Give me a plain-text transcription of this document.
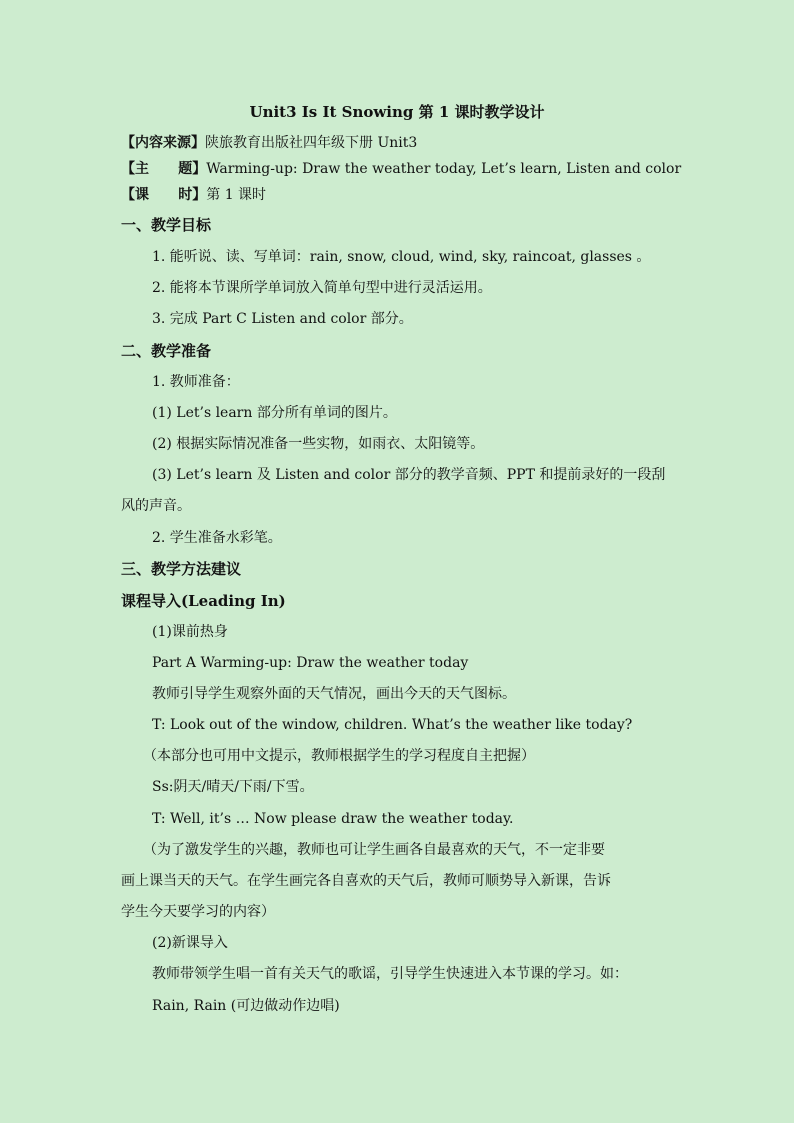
Unit3 Is It Snowing 第 1 课时教学设计
【内容来源】陕旅教育出版社四年级下册 Unit3
【主      题】Warming-up: Draw the weather today, Let’s learn, Listen and color
【课      时】第 1 课时
一、教学目标
1. 能听说、读、写单词：rain, snow, cloud, wind, sky, raincoat, glasses 。
2. 能将本节课所学单词放入简单句型中进行灵活运用。
3. 完成 Part C Listen and color 部分。
二、教学准备
1. 教师准备：
(1) Let’s learn 部分所有单词的图片。
(2) 根据实际情况准备一些实物，如雨衣、太阳镜等。
(3) Let’s learn 及 Listen and color 部分的教学音频、PPT 和提前录好的一段刮
风的声音。
2. 学生准备水彩笔。
三、教学方法建议
课程导入(Leading In)
(1)课前热身
Part A Warming-up: Draw the weather today
教师引导学生观察外面的天气情况，画出今天的天气图标。
T: Look out of the window, children. What’s the weather like today?
（本部分也可用中文提示，教师根据学生的学习程度自主把握）
Ss:阴天/晴天/下雨/下雪。
T: Well, it’s … Now please draw the weather today.
（为了激发学生的兴趣，教师也可让学生画各自最喜欢的天气，不一定非要
画上课当天的天气。在学生画完各自喜欢的天气后，教师可顺势导入新课，告诉
学生今天要学习的内容）
(2)新课导入
教师带领学生唱一首有关天气的歌谣，引导学生快速进入本节课的学习。如：
Rain, Rain (可边做动作边唱)
